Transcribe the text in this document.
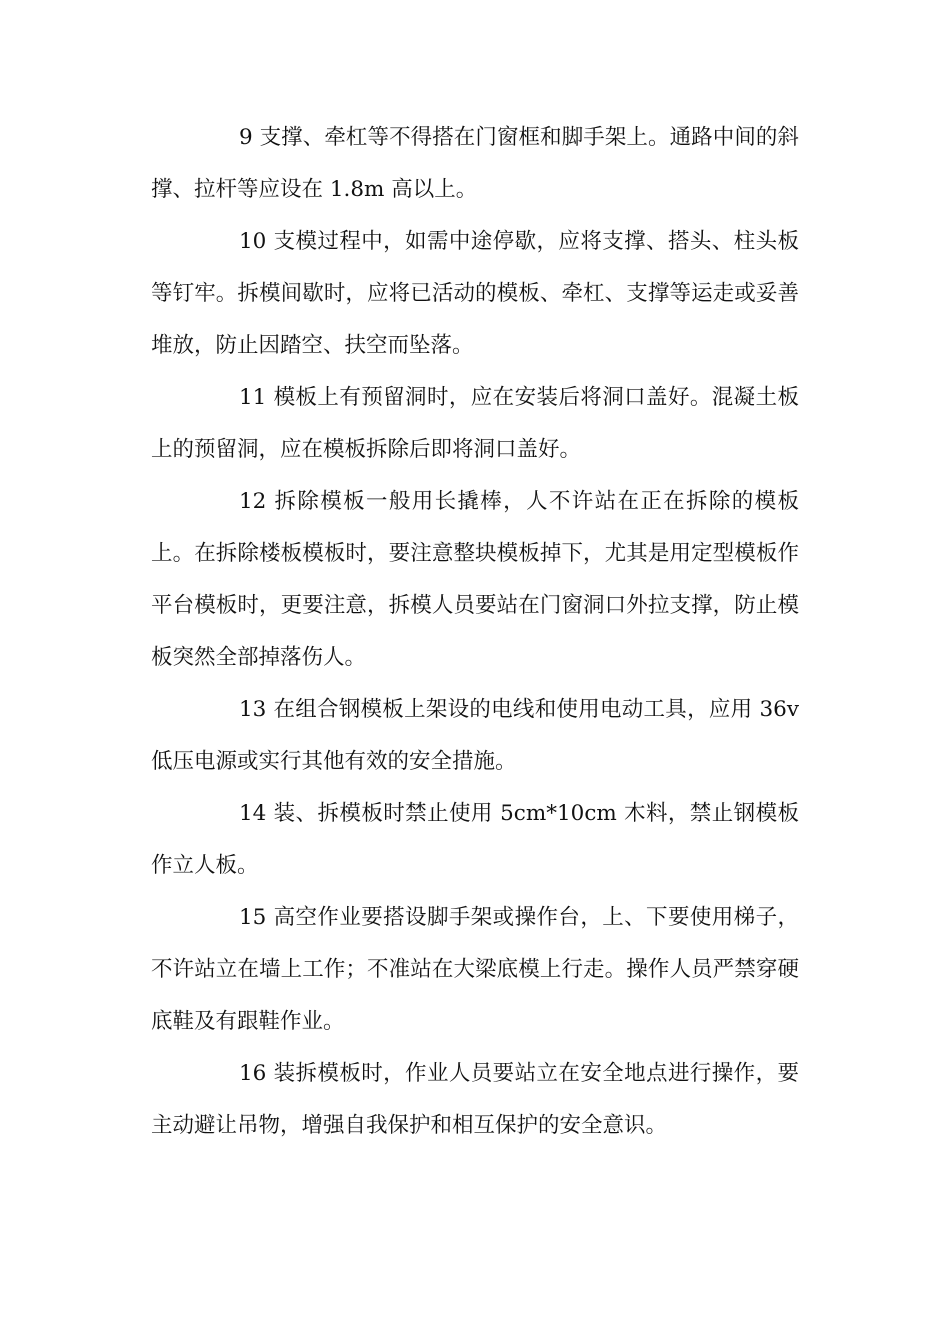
9 支撑、牵杠等不得搭在门窗框和脚手架上。通路中间的斜撑、拉杆等应设在 1.8m 高以上。

10 支模过程中，如需中途停歇，应将支撑、搭头、柱头板等钉牢。拆模间歇时，应将已活动的模板、牵杠、支撑等运走或妥善堆放，防止因踏空、扶空而坠落。

11 模板上有预留洞时，应在安装后将洞口盖好。混凝土板上的预留洞，应在模板拆除后即将洞口盖好。

12 拆除模板一般用长撬棒，人不许站在正在拆除的模板上。在拆除楼板模板时，要注意整块模板掉下，尤其是用定型模板作平台模板时，更要注意，拆模人员要站在门窗洞口外拉支撑，防止模板突然全部掉落伤人。

13 在组合钢模板上架设的电线和使用电动工具，应用 36v 低压电源或实行其他有效的安全措施。

14 装、拆模板时禁止使用 5cm*10cm 木料，禁止钢模板作立人板。

15 高空作业要搭设脚手架或操作台，上、下要使用梯子，不许站立在墙上工作；不准站在大梁底模上行走。操作人员严禁穿硬底鞋及有跟鞋作业。

16 装拆模板时，作业人员要站立在安全地点进行操作，要主动避让吊物，增强自我保护和相互保护的安全意识。
